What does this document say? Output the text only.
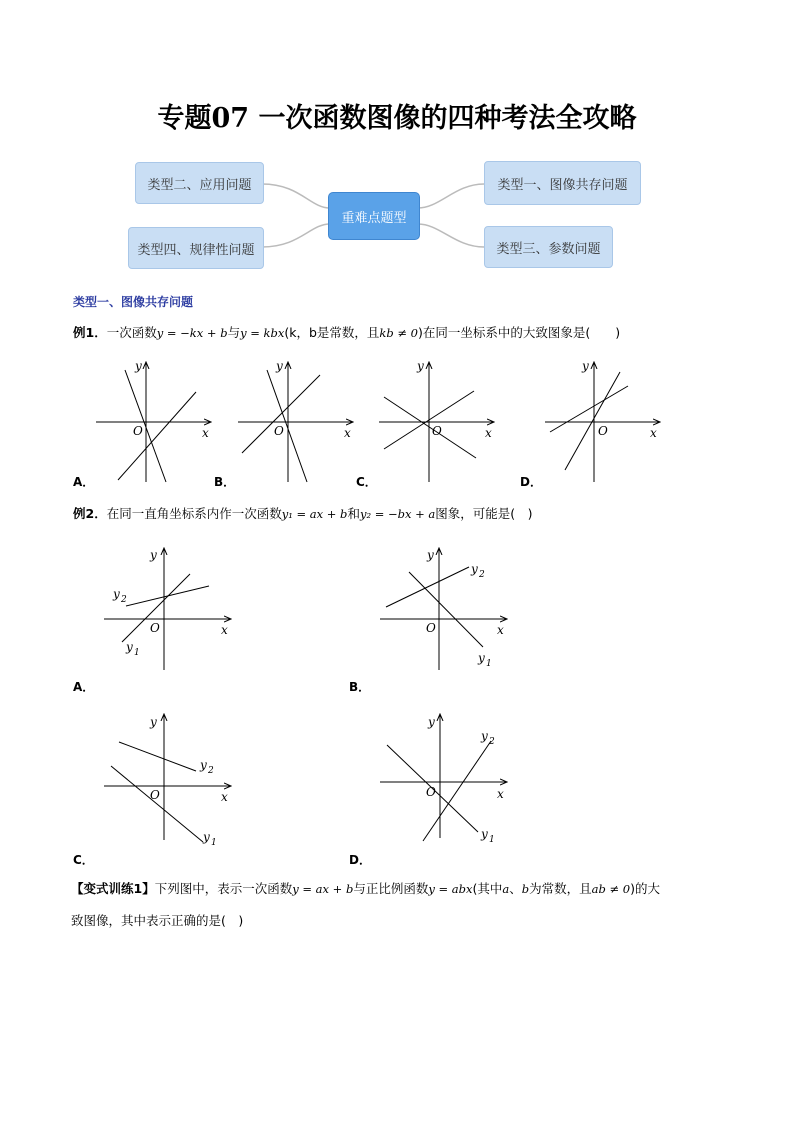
专题07 一次函数图像的四种考法全攻略
类型二、应用问题
类型四、规律性问题
重难点题型
类型一、图像共存问题
类型三、参数问题
类型一、图像共存问题
例1．一次函数y = −kx + b与y = kbx(k，b是常数，且kb ≠ 0)在同一坐标系中的大致图象是(　　)
O	x
y
O	x
y
O	x
y
O	x
y
A．	B．	C．	D．
例2．在同一直角坐标系内作一次函数y₁ = ax + b和y₂ = −bx + a图象，可能是(　)
O	x
y
y 2
y 1
O	x
y
y 2
y 1
O	x
y
y 2
y 1
O	x
y
y 2
y 1
A．	B．
C．	D．
【变式训练1】下列图中，表示一次函数y = ax + b与正比例函数y = abx(其中a、b为常数，且ab ≠ 0)的大
致图像，其中表示正确的是(　)
